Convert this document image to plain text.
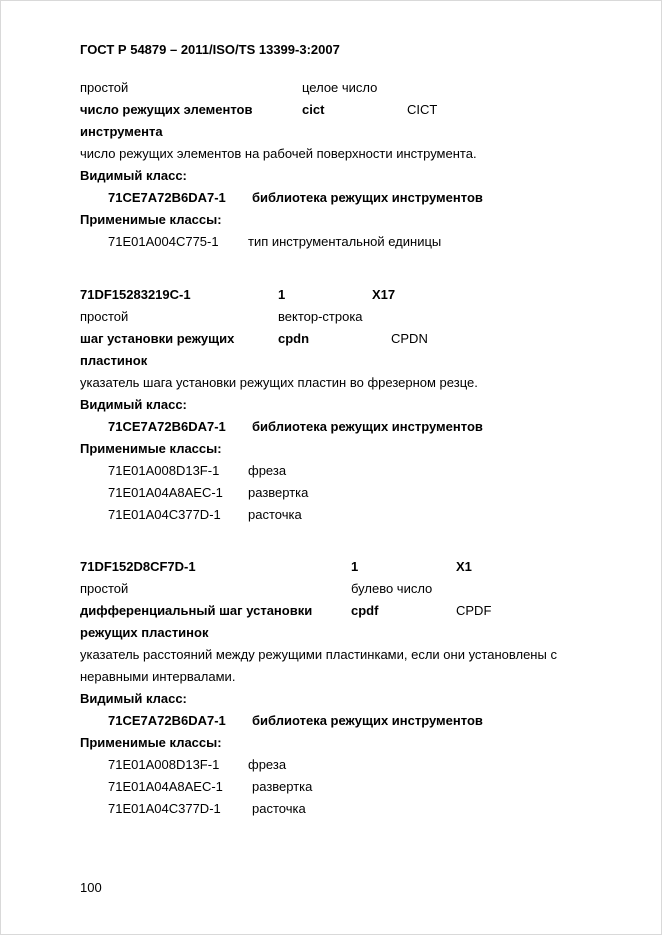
ГОСТ Р 54879 – 2011/ISO/TS 13399-3:2007
простой	целое число
число режущих элементов	cict	CICT
инструмента
число режущих элементов на рабочей поверхности инструмента.
Видимый класс:
71CE7A72B6DA7-1 библиотека режущих инструментов
Применимые классы:
71E01A004C775-1 тип инструментальной единицы
71DF15283219C-1	1	X17
простой	вектор-строка
шаг установки режущих	cpdn	CPDN
пластинок
указатель шага установки режущих пластин во фрезерном резце.
Видимый класс:
71CE7A72B6DA7-1 библиотека режущих инструментов
Применимые классы:
71E01A008D13F-1 фреза
71E01A04A8AEC-1 развертка
71E01A04C377D-1 расточка
71DF152D8CF7D-1	1	X1
простой	булево число
дифференциальный шаг установки	cpdf	CPDF
режущих пластинок
указатель расстояний между режущими пластинками, если они установлены с
неравными интервалами.
Видимый класс:
71CE7A72B6DA7-1 библиотека режущих инструментов
Применимые классы:
71E01A008D13F-1 фреза
71E01A04A8AEC-1 развертка
71E01A04C377D-1 расточка
100
